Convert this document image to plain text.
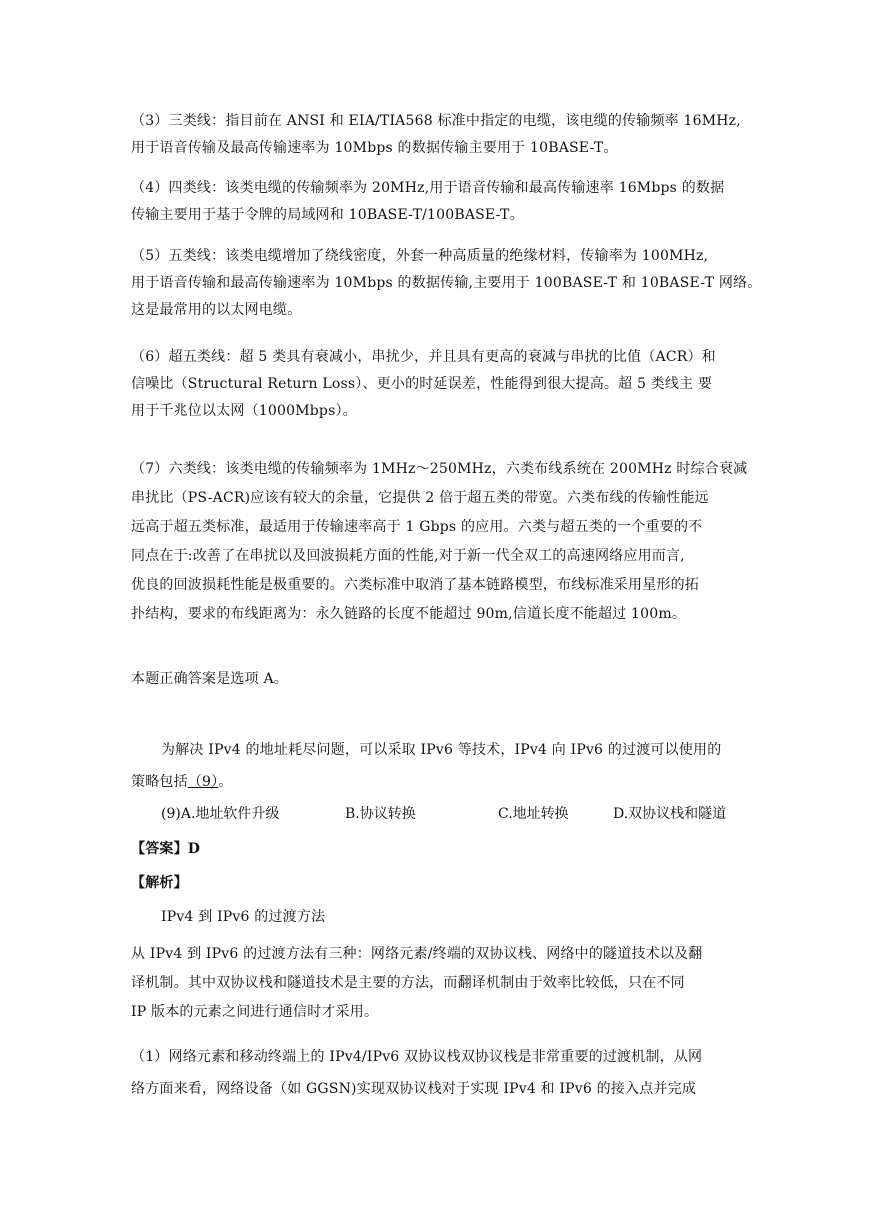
（3）三类线：指目前在 ANSI 和 EIA/TIA568 标准中指定的电缆，该电缆的传输频率 16MHz,
用于语音传输及最高传输速率为 10Mbps 的数据传输主要用于 10BASE-T。

（4）四类线：该类电缆的传输频率为 20MHz,用于语音传输和最高传输速率 16Mbps 的数据
传输主要用于基于令牌的局域网和 10BASE-T/100BASE-T。

（5）五类线：该类电缆增加了绕线密度，外套一种高质量的绝缘材料，传输率为 100MHz,
用于语音传输和最高传输速率为 10Mbps 的数据传输,主要用于 100BASE-T 和 10BASE-T 网络。
这是最常用的以太网电缆。

（6）超五类线：超 5 类具有衰减小，串扰少，并且具有更高的衰减与串扰的比值（ACR）和
信噪比（Structural Return Loss）、更小的时延误差，性能得到很大提高。超 5 类线主 要
用于千兆位以太网（1000Mbps）。

（7）六类线：该类电缆的传输频率为 1MHz～250MHz，六类布线系统在 200MHz 时综合衰减
串扰比（PS-ACR)应该有较大的余量，它提供 2 倍于超五类的带宽。六类布线的传输性能远
远高于超五类标准，最适用于传输速率高于 1 Gbps 的应用。六类与超五类的一个重要的不
同点在于:改善了在串扰以及回波损耗方面的性能,对于新一代全双工的高速网络应用而言,
优良的回波损耗性能是极重要的。六类标准中取消了基本链路模型，布线标准采用星形的拓
扑结构，要求的布线距离为：永久链路的长度不能超过 90m,信道长度不能超过 100m。

本题正确答案是选项 A。

为解决 IPv4 的地址耗尽问题，可以采取 IPv6 等技术，IPv4 向 IPv6 的过渡可以使用的
策略包括（9）。

(9)A.地址软件升级	B.协议转换	C.地址转换	D.双协议栈和隧道

【答案】D

【解析】

IPv4 到 IPv6 的过渡方法

从 IPv4 到 IPv6 的过渡方法有三种：网络元素/终端的双协议栈、网络中的隧道技术以及翻
译机制。其中双协议栈和隧道技术是主要的方法，而翻译机制由于效率比较低，只在不同
IP 版本的元素之间进行通信时才采用。

（1）网络元素和移动终端上的 IPv4/IPv6 双协议栈双协议栈是非常重要的过渡机制，从网
络方面来看，网络设备（如 GGSN)实现双协议栈对于实现 IPv4 和 IPv6 的接入点并完成
